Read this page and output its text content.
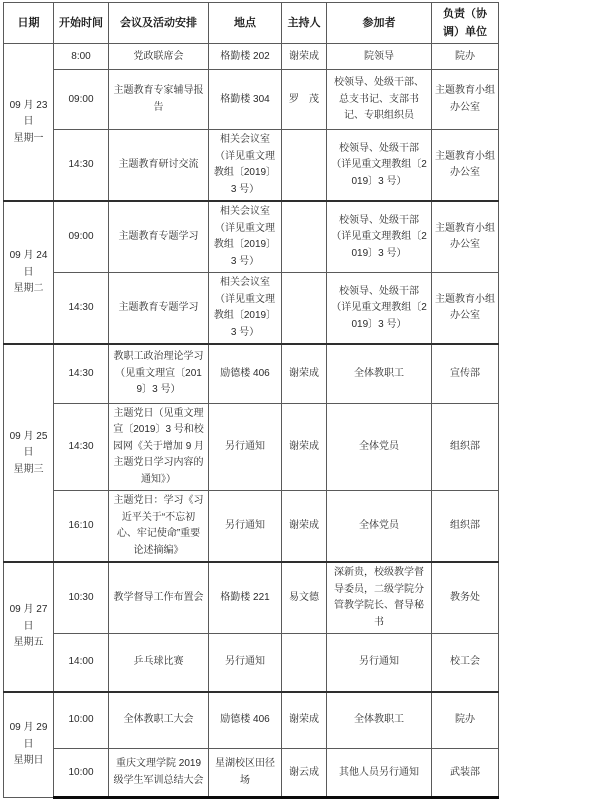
日期	开始时间	会议及活动安排	地点	主持人	参加者	负责（协调）单位

09 月 23 日
星期一	8:00	党政联席会	格勤楼 202	谢荣成	院领导	院办
	09:00	主题教育专家辅导报告	格勤楼 304	罗　茂	校领导、处级干部、总支书记、支部书记、专职组织员	主题教育小组办公室
	14:30	主题教育研讨交流	相关会议室（详见重文理教组〔2019〕3 号）		校领导、处级干部（详见重文理教组〔2019〕3 号）	主题教育小组办公室

09 月 24 日
星期二	09:00	主题教育专题学习	相关会议室（详见重文理教组〔2019〕3 号）		校领导、处级干部（详见重文理教组〔2019〕3 号）	主题教育小组办公室
	14:30	主题教育专题学习	相关会议室（详见重文理教组〔2019〕3 号）		校领导、处级干部（详见重文理教组〔2019〕3 号）	主题教育小组办公室

09 月 25 日
星期三	14:30	教职工政治理论学习（见重文理宣〔2019〕3 号）	励德楼 406	谢荣成	全体教职工	宣传部
	14:30	主题党日（见重文理宣〔2019〕3 号和校园网《关于增加 9 月主题党日学习内容的通知》）	另行通知	谢荣成	全体党员	组织部
	16:10	主题党日：学习《习近平关于“不忘初心、牢记使命”重要论述摘编》	另行通知	谢荣成	全体党员	组织部

09 月 27 日
星期五	10:30	教学督导工作布置会	格勤楼 221	易文德	深新贵，校级教学督导委员，二级学院分管教学院长、督导秘书	教务处
	14:00	乒乓球比赛	另行通知		另行通知	校工会

09 月 29 日
星期日	10:00	全体教职工大会	励德楼 406	谢荣成	全体教职工	院办
	10:00	重庆文理学院 2019 级学生军训总结大会	星湖校区田径场	谢云成	其他人员另行通知	武装部
